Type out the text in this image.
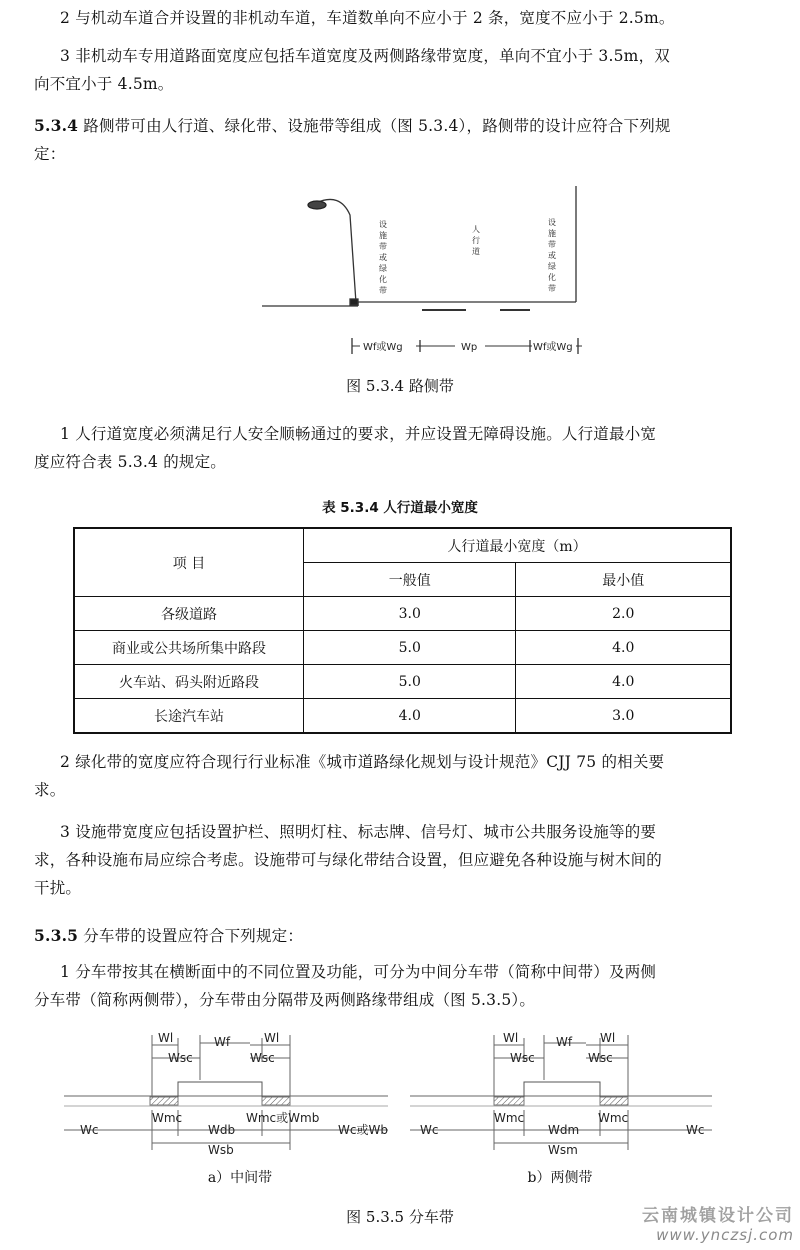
2 与机动车道合并设置的非机动车道，车道数单向不应小于 2 条，宽度不应小于 2.5m。
3 非机动车专用道路面宽度应包括车道宽度及两侧路缘带宽度，单向不宜小于 3.5m，双
向不宜小于 4.5m。
5.3.4 路侧带可由人行道、绿化带、设施带等组成（图 5.3.4），路侧带的设计应符合下列规
定：
设施带或绿化带	人行道	设施带或绿化带
Wf或Wg	Wp	Wf或Wg
图 5.3.4 路侧带
1 人行道宽度必须满足行人安全顺畅通过的要求，并应设置无障碍设施。人行道最小宽
度应符合表 5.3.4 的规定。
表 5.3.4 人行道最小宽度
项 目	人行道最小宽度（m）	
	一般值	最小值
各级道路	3.0	2.0
商业或公共场所集中路段	5.0	4.0
火车站、码头附近路段	5.0	4.0
长途汽车站	4.0	3.0
2 绿化带的宽度应符合现行行业标准《城市道路绿化规划与设计规范》CJJ 75 的相关要
求。
3 设施带宽度应包括设置护栏、照明灯柱、标志牌、信号灯、城市公共服务设施等的要
求，各种设施布局应综合考虑。设施带可与绿化带结合设置，但应避免各种设施与树木间的
干扰。
5.3.5 分车带的设置应符合下列规定：
1 分车带按其在横断面中的不同位置及功能，可分为中间分车带（简称中间带）及两侧
分车带（简称两侧带），分车带由分隔带及两侧路缘带组成（图 5.3.5）。
Wl
Wsc
Wf	Wl
Wsc
Wmc
Wdb
Wmc或Wmb
Wsb
Wc	Wc或Wb
Wl
Wsc
Wf Wl
Wsc
Wmc
Wdm
Wmc
Wsm
Wc	Wc
a）中间带	b）两侧带
图 5.3.5 分车带	云南城镇设计公司
www.ynczsj.com
